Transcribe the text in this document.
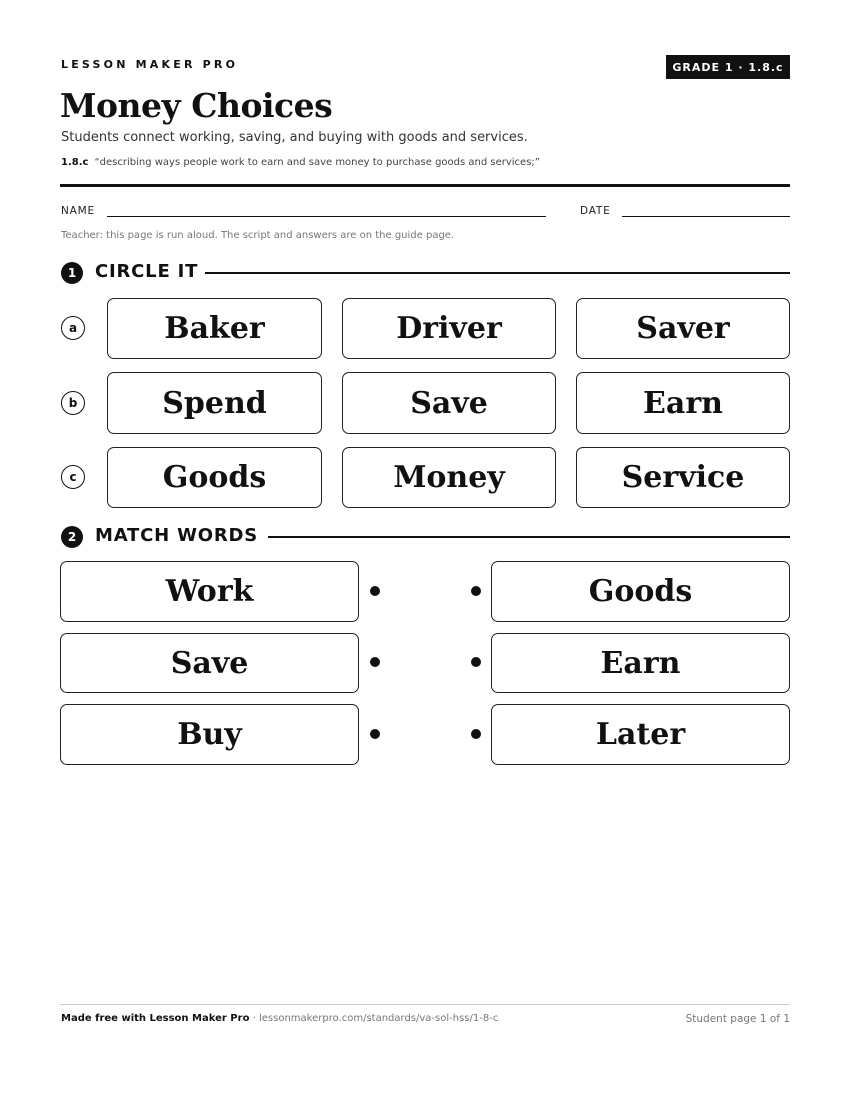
LESSON MAKER PRO	GRADE 1 · 1.8.c
Money Choices
Students connect working, saving, and buying with goods and services.
1.8.c “describing ways people work to earn and save money to purchase goods and services;”
NAME	DATE
Teacher: this page is run aloud. The script and answers are on the guide page.
1	CIRCLE IT
a	Baker	Driver	Saver
b	Spend	Save	Earn
c	Goods	Money	Service
2	MATCH WORDS
Work	Goods
Save	Earn
Buy	Later
Made free with Lesson Maker Pro · lessonmakerpro.com/standards/va-sol-hss/1-8-c	Student page 1 of 1
